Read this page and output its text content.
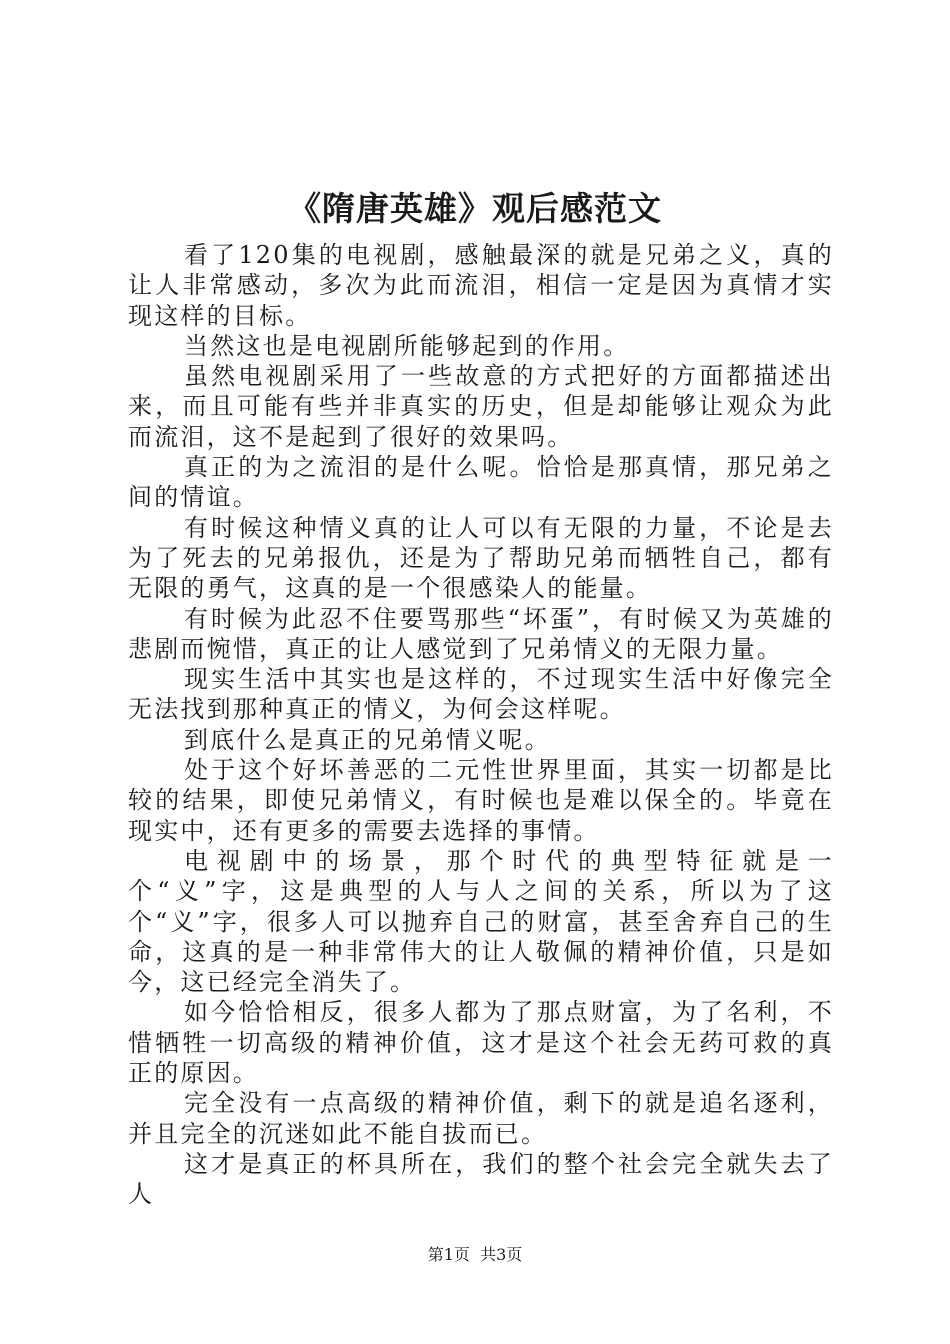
《隋唐英雄》观后感范文

看了120集的电视剧，感触最深的就是兄弟之义，真的让人非常感动，多次为此而流泪，相信一定是因为真情才实现这样的目标。

当然这也是电视剧所能够起到的作用。

虽然电视剧采用了一些故意的方式把好的方面都描述出来，而且可能有些并非真实的历史，但是却能够让观众为此而流泪，这不是起到了很好的效果吗。

真正的为之流泪的是什么呢。恰恰是那真情，那兄弟之间的情谊。

有时候这种情义真的让人可以有无限的力量，不论是去为了死去的兄弟报仇，还是为了帮助兄弟而牺牲自己，都有无限的勇气，这真的是一个很感染人的能量。

有时候为此忍不住要骂那些“坏蛋”，有时候又为英雄的悲剧而惋惜，真正的让人感觉到了兄弟情义的无限力量。

现实生活中其实也是这样的，不过现实生活中好像完全无法找到那种真正的情义，为何会这样呢。

到底什么是真正的兄弟情义呢。

处于这个好坏善恶的二元性世界里面，其实一切都是比较的结果，即使兄弟情义，有时候也是难以保全的。毕竟在现实中，还有更多的需要去选择的事情。

电视剧中的场景，那个时代的典型特征就是一个“义”字，这是典型的人与人之间的关系，所以为了这个“义”字，很多人可以抛弃自己的财富，甚至舍弃自己的生命，这真的是一种非常伟大的让人敬佩的精神价值，只是如今，这已经完全消失了。

如今恰恰相反，很多人都为了那点财富，为了名利，不惜牺牲一切高级的精神价值，这才是这个社会无药可救的真正的原因。

完全没有一点高级的精神价值，剩下的就是追名逐利，并且完全的沉迷如此不能自拔而已。

这才是真正的杯具所在，我们的整个社会完全就失去了人

第1页 共3页
